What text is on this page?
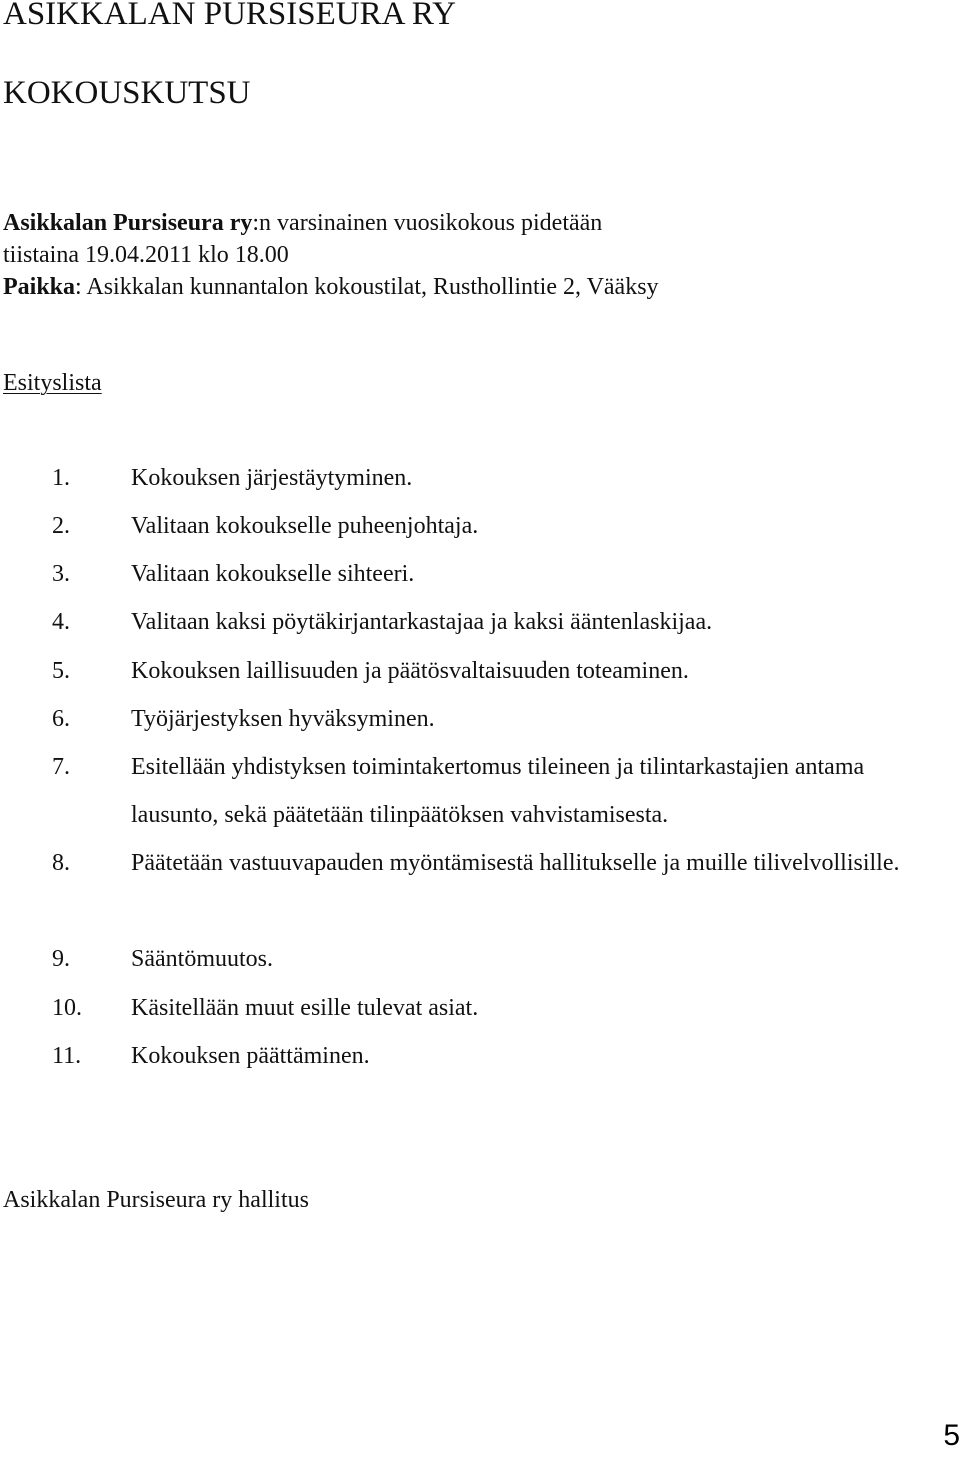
ASIKKALAN PURSISEURA RY
KOKOUSKUTSU

Asikkalan Pursiseura ry:n varsinainen vuosikokous pidetään

tiistaina 19.04.2011 klo 18.00

Paikka: Asikkalan kunnantalon kokoustilat, Rusthollintie 2, Vääksy

Esityslista

1.	Kokouksen järjestäytyminen.
2.	Valitaan kokoukselle puheenjohtaja.
3.	Valitaan kokoukselle sihteeri.
4.	Valitaan kaksi pöytäkirjantarkastajaa ja kaksi ääntenlaskijaa.
5.	Kokouksen laillisuuden ja päätösvaltaisuuden toteaminen.
6.	Työjärjestyksen hyväksyminen.
7.	Esitellään yhdistyksen toimintakertomus tileineen ja tilintarkastajien antama lausunto, sekä päätetään tilinpäätöksen vahvistamisesta.
8.	Päätetään vastuuvapauden myöntämisestä hallitukselle ja muille tilivelvollisille.
9.	Sääntömuutos.
10. Käsitellään muut esille tulevat asiat.
11. Kokouksen päättäminen.

Asikkalan Pursiseura ry hallitus

5
